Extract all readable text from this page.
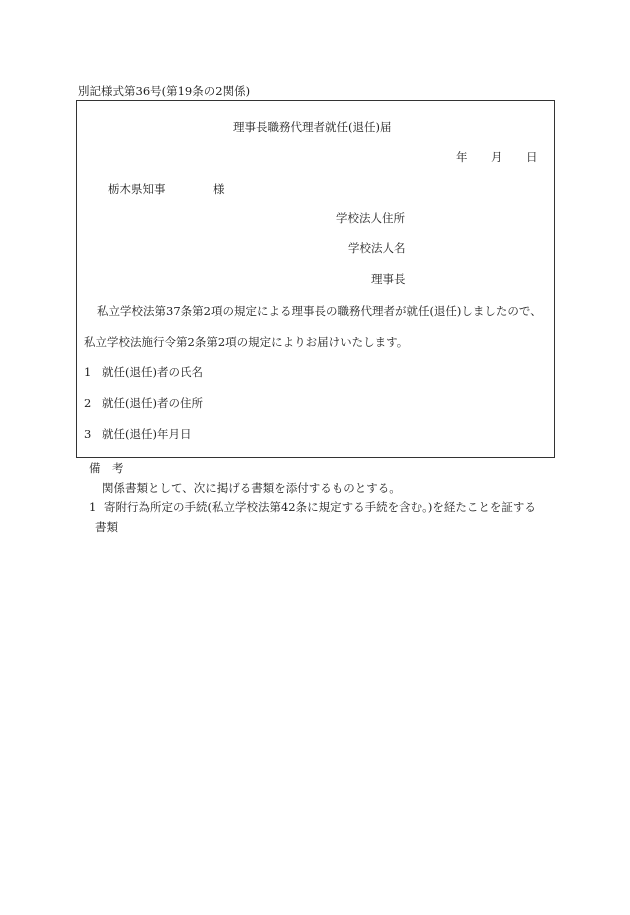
別記様式第36号(第19条の2関係)
理事長職務代理者就任(退任)届
年 月 日
栃木県知事	様
学校法人住所
学校法人名
理事長
私立学校法第37条第2項の規定による理事長の職務代理者が就任(退任)しましたので、
私立学校法施行令第2条第2項の規定によりお届けいたします。
1 就任(退任)者の氏名
2 就任(退任)者の住所
3 就任(退任)年月日
備　考
関係書類として、次に掲げる書類を添付するものとする。
1 寄附行為所定の手続(私立学校法第42条に規定する手続を含む。)を経たことを証する
書類
